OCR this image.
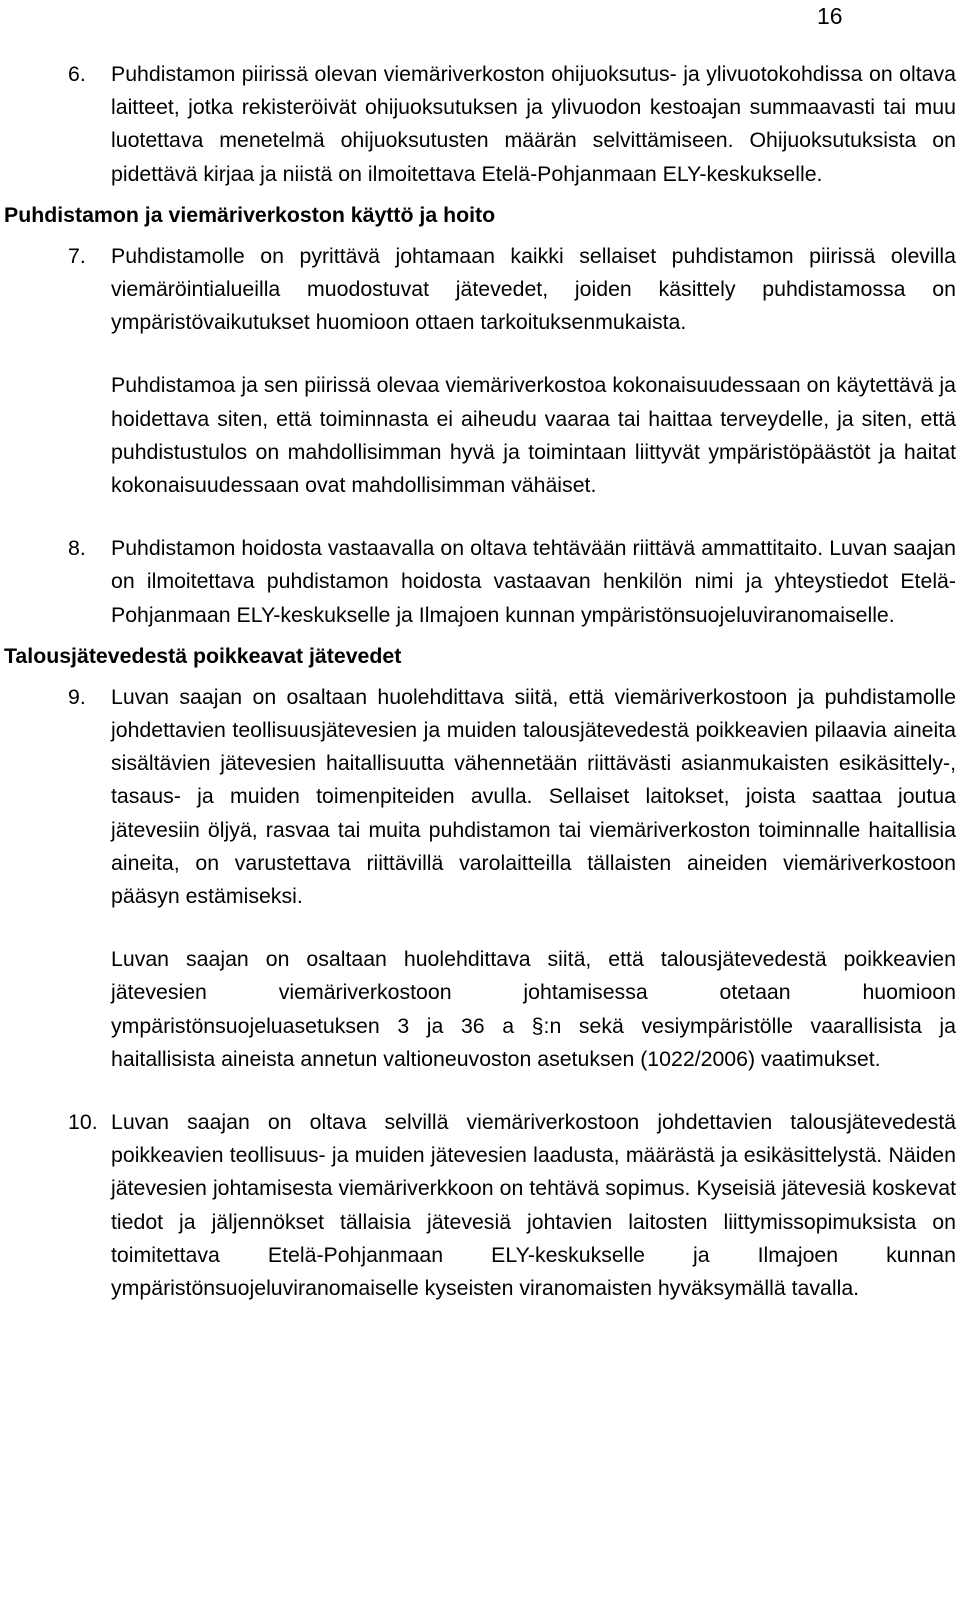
16
6. Puhdistamon piirissä olevan viemäriverkoston ohijuoksutus- ja ylivuotokohdissa on oltava laitteet, jotka rekisteröivät ohijuoksutuksen ja ylivuodon kestoajan summaavasti tai muu luotettava menetelmä ohijuoksutusten määrän selvittämiseen. Ohijuoksutuksista on pidettävä kirjaa ja niistä on ilmoitettava Etelä-Pohjanmaan ELY-keskukselle.
Puhdistamon ja viemäriverkoston käyttö ja hoito
7. Puhdistamolle on pyrittävä johtamaan kaikki sellaiset puhdistamon piirissä olevilla viemäröintialueilla muodostuvat jätevedet, joiden käsittely puhdistamossa on ympäristövaikutukset huomioon ottaen tarkoituksenmukaista.
Puhdistamoa ja sen piirissä olevaa viemäriverkostoa kokonaisuudessaan on käytettävä ja hoidettava siten, että toiminnasta ei aiheudu vaaraa tai haittaa terveydelle, ja siten, että puhdistustulos on mahdollisimman hyvä ja toimintaan liittyvät ympäristöpäästöt ja haitat kokonaisuudessaan ovat mahdollisimman vähäiset.
8. Puhdistamon hoidosta vastaavalla on oltava tehtävään riittävä ammattitaito. Luvan saajan on ilmoitettava puhdistamon hoidosta vastaavan henkilön nimi ja yhteystiedot Etelä-Pohjanmaan ELY-keskukselle ja Ilmajoen kunnan ympäristönsuojeluviranomaiselle.
Talousjätevedestä poikkeavat jätevedet
9. Luvan saajan on osaltaan huolehdittava siitä, että viemäriverkostoon ja puhdistamolle johdettavien teollisuusjätevesien ja muiden talousjätevedestä poikkeavien pilaavia aineita sisältävien jätevesien haitallisuutta vähennetään riittävästi asianmukaisten esikäsittely-, tasaus- ja muiden toimenpiteiden avulla. Sellaiset laitokset, joista saattaa joutua jätevesiin öljyä, rasvaa tai muita puhdistamon tai viemäriverkoston toiminnalle haitallisia aineita, on varustettava riittävillä varolaitteilla tällaisten aineiden viemäriverkostoon pääsyn estämiseksi.
Luvan saajan on osaltaan huolehdittava siitä, että talousjätevedestä poikkeavien jätevesien viemäriverkostoon johtamisessa otetaan huomioon ympäristönsuojeluasetuksen 3 ja 36 a §:n sekä vesiympäristölle vaarallisista ja haitallisista aineista annetun valtioneuvoston asetuksen (1022/2006) vaatimukset.
10. Luvan saajan on oltava selvillä viemäriverkostoon johdettavien talousjätevedestä poikkeavien teollisuus- ja muiden jätevesien laadusta, määrästä ja esikäsittelystä. Näiden jätevesien johtamisesta viemäriverkkoon on tehtävä sopimus. Kyseisiä jätevesiä koskevat tiedot ja jäljennökset tällaisia jätevesiä johtavien laitosten liittymissopimuksista on toimitettava Etelä-Pohjanmaan ELY-keskukselle ja Ilmajoen kunnan ympäristönsuojeluviranomaiselle kyseisten viranomaisten hyväksymällä tavalla.
